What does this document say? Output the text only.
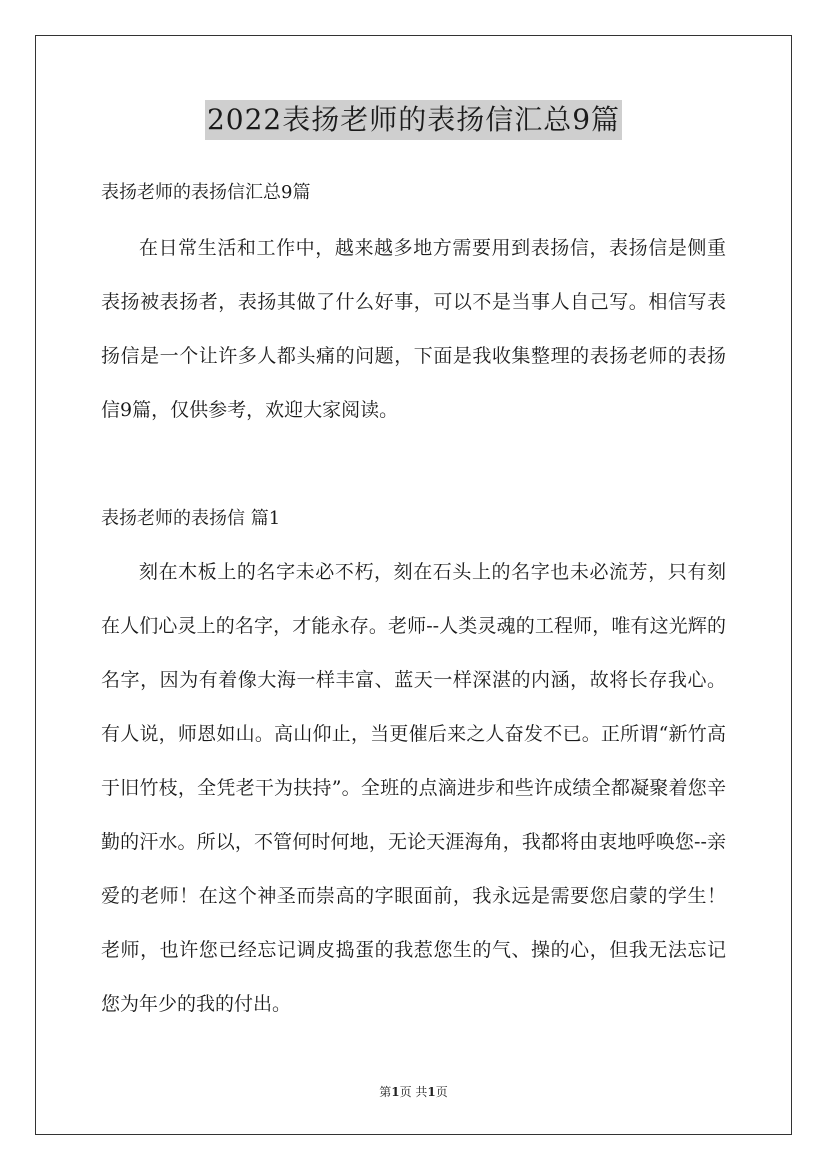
2022表扬老师的表扬信汇总9篇
表扬老师的表扬信汇总9篇

在日常生活和工作中，越来越多地方需要用到表扬信，表扬信是侧重表扬被表扬者，表扬其做了什么好事，可以不是当事人自己写。相信写表扬信是一个让许多人都头痛的问题，下面是我收集整理的表扬老师的表扬信9篇，仅供参考，欢迎大家阅读。

表扬老师的表扬信 篇1

刻在木板上的名字未必不朽，刻在石头上的名字也未必流芳，只有刻在人们心灵上的名字，才能永存。老师--人类灵魂的工程师，唯有这光辉的名字，因为有着像大海一样丰富、蓝天一样深湛的内涵，故将长存我心。 有人说，师恩如山。高山仰止，当更催后来之人奋发不已。正所谓“新竹高于旧竹枝，全凭老干为扶持”。全班的点滴进步和些许成绩全都凝聚着您辛勤的汗水。所以，不管何时何地，无论天涯海角，我都将由衷地呼唤您--亲爱的老师！在这个神圣而崇高的字眼面前，我永远是需要您启蒙的学生！ 老师，也许您已经忘记调皮捣蛋的我惹您生的气、操的心，但我无法忘记您为年少的我的付出。

第1页 共1页
